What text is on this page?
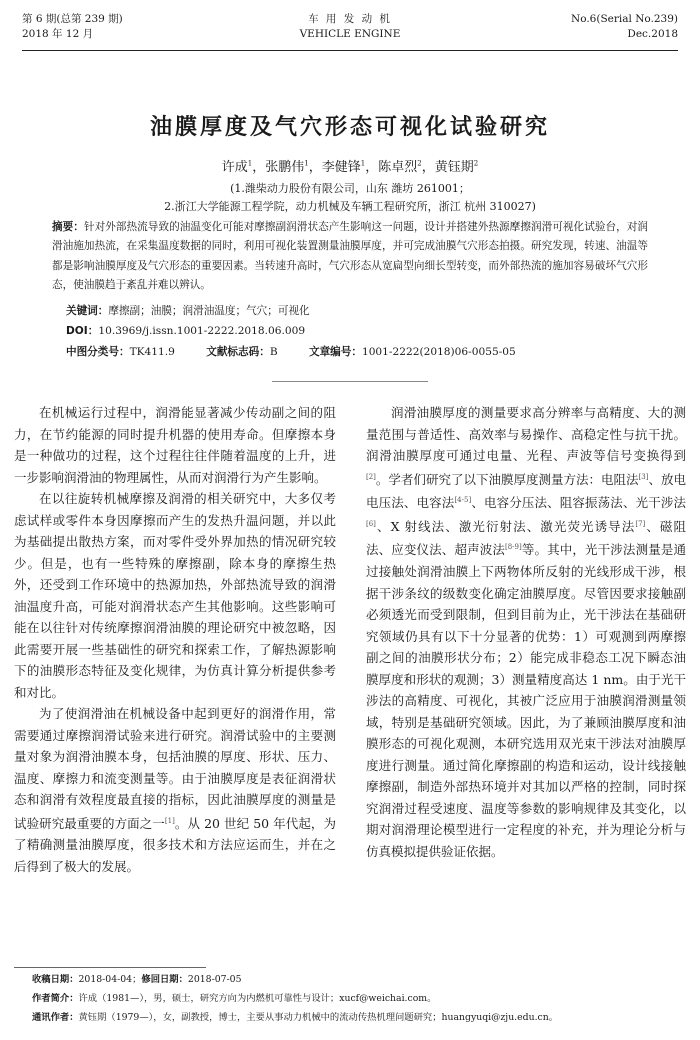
第 6 期(总第 239 期)
2018 年 12 月
车 用 发 动 机
VEHICLE ENGINE
No.6(Serial No.239)
Dec.2018
油膜厚度及气穴形态可视化试验研究
许成$^1$，张鹏伟$^1$，李健锋$^1$，陈卓烈$^2$，黄钰期$^2$
(1.潍柴动力股份有限公司，山东 潍坊 261001；
2.浙江大学能源工程学院，动力机械及车辆工程研究所，浙江 杭州 310027)
摘要：针对外部热流导致的油温变化可能对摩擦副润滑状态产生影响这一问题，设计并搭建外热源摩擦润滑可视化试验台，对润滑油施加热流，在采集温度数据的同时，利用可视化装置测量油膜厚度，并可完成油膜气穴形态拍摄。研究发现，转速、油温等都是影响油膜厚度及气穴形态的重要因素。当转速升高时，气穴形态从宽扁型向细长型转变，而外部热流的施加容易破坏气穴形态，使油膜趋于紊乱并难以辨认。
关键词：摩擦副；油膜；润滑油温度；气穴；可视化
DOI：10.3969/j.issn.1001-2222.2018.06.009
中图分类号：TK411.9	文献标志码：B	文章编号：1001-2222(2018)06-0055-05

在机械运行过程中，润滑能显著减少传动副之间的阻力，在节约能源的同时提升机器的使用寿命。但摩擦本身是一种做功的过程，这个过程往往伴随着温度的上升，进一步影响润滑油的物理属性，从而对润滑行为产生影响。

在以往旋转机械摩擦及润滑的相关研究中，大多仅考虑试样或零件本身因摩擦而产生的发热升温问题，并以此为基础提出散热方案，而对零件受外界加热的情况研究较少。但是，也有一些特殊的摩擦副，除本身的摩擦生热外，还受到工作环境中的热源加热，外部热流导致的润滑油温度升高，可能对润滑状态产生其他影响。这些影响可能在以往针对传统摩擦润滑油膜的理论研究中被忽略，因此需要开展一些基础性的研究和探索工作，了解热源影响下的油膜形态特征及变化规律，为仿真计算分析提供参考和对比。

为了使润滑油在机械设备中起到更好的润滑作用，常需要通过摩擦润滑试验来进行研究。润滑试验中的主要测量对象为润滑油膜本身，包括油膜的厚度、形状、压力、温度、摩擦力和流变测量等。由于油膜厚度是表征润滑状态和润滑有效程度最直接的指标，因此油膜厚度的测量是试验研究最重要的方面之一[1]。从 20 世纪 50 年代起，为了精确测量油膜厚度，很多技术和方法应运而生，并在之后得到了极大的发展。

润滑油膜厚度的测量要求高分辨率与高精度、大的测量范围与普适性、高效率与易操作、高稳定性与抗干扰。润滑油膜厚度可通过电量、光程、声波等信号变换得到[2]。学者们研究了以下油膜厚度测量方法：电阻法[3]、放电电压法、电容法[4-5]、电容分压法、阻容振荡法、光干涉法[6]、X 射线法、激光衍射法、激光荧光诱导法[7]、磁阻法、应变仪法、超声波法[8-9]等。其中，光干涉法测量是通过接触处润滑油膜上下两物体所反射的光线形成干涉，根据干涉条纹的级数变化确定油膜厚度。尽管因要求接触副必须透光而受到限制，但到目前为止，光干涉法在基础研究领域仍具有以下十分显著的优势：1）可观测到两摩擦副之间的油膜形状分布；2）能完成非稳态工况下瞬态油膜厚度和形状的观测；3）测量精度高达 1 nm。由于光干涉法的高精度、可视化，其被广泛应用于油膜润滑测量领域，特别是基础研究领域。因此，为了兼顾油膜厚度和油膜形态的可视化观测，本研究选用双光束干涉法对油膜厚度进行测量。通过简化摩擦副的构造和运动，设计线接触摩擦副，制造外部热环境并对其加以严格的控制，同时探究润滑过程受速度、温度等参数的影响规律及其变化，以期对润滑理论模型进行一定程度的补充，并为理论分析与仿真模拟提供验证依据。

收稿日期：2018-04-04；修回日期：2018-07-05
作者简介：许成（1981—），男，硕士，研究方向为内燃机可靠性与设计；xucf@weichai.com。
通讯作者：黄钰期（1979—），女，副教授，博士，主要从事动力机械中的流动传热机理问题研究；huangyuqi@zju.edu.cn。
